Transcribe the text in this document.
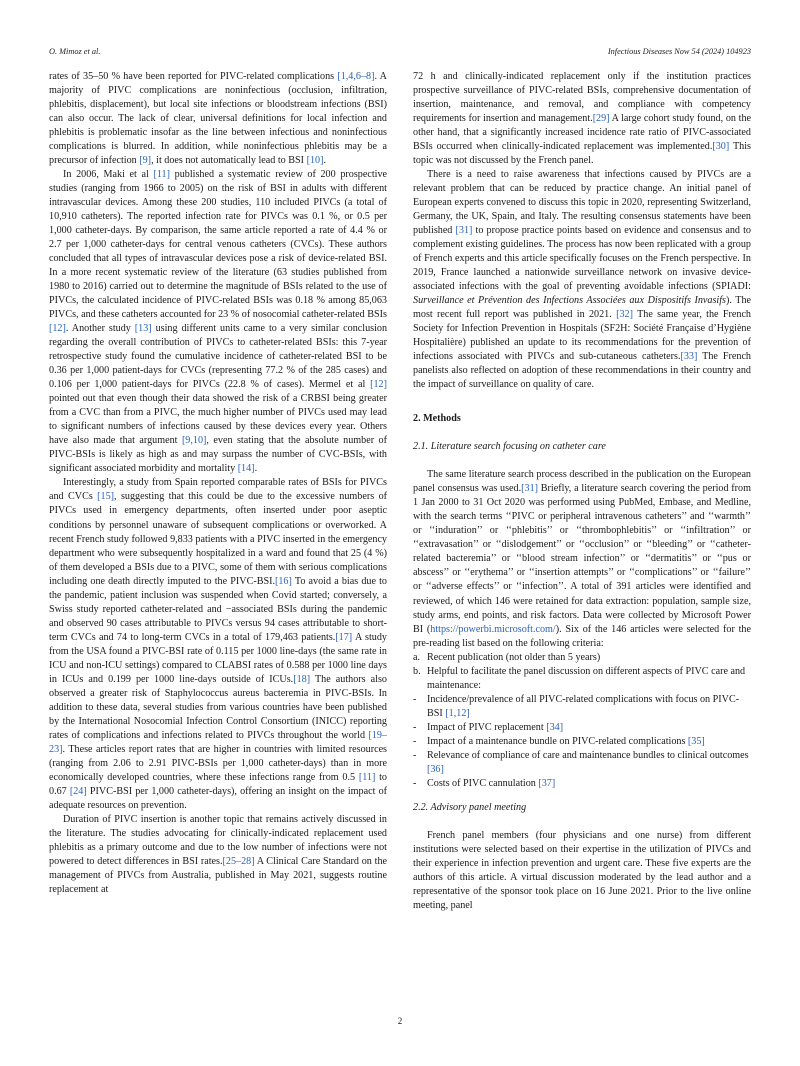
O. Mimoz et al.	Infectious Diseases Now 54 (2024) 104923

rates of 35–50 % have been reported for PIVC-related complications [1,4,6–8]. A majority of PIVC complications are noninfectious (occlusion, infiltration, phlebitis, displacement), but local site infections or bloodstream infections (BSI) can also occur. The lack of clear, universal definitions for local infection and phlebitis is problematic insofar as the line between infectious and noninfectious complications is blurred. In addition, while noninfectious phlebitis may be a precursor of infection [9], it does not automatically lead to BSI [10].

In 2006, Maki et al [11] published a systematic review of 200 prospective studies (ranging from 1966 to 2005) on the risk of BSI in adults with different intravascular devices. Among these 200 studies, 110 included PIVCs (a total of 10,910 catheters). The reported infection rate for PIVCs was 0.1 %, or 0.5 per 1,000 catheter-days. By comparison, the same article reported a rate of 4.4 % or 2.7 per 1,000 catheter-days for central venous catheters (CVCs). These authors concluded that all types of intravascular devices pose a risk of device-related BSI. In a more recent systematic review of the literature (63 studies published from 1980 to 2016) carried out to determine the magnitude of BSIs related to the use of PIVCs, the calculated incidence of PIVC-related BSIs was 0.18 % among 85,063 PIVCs, and these catheters accounted for 23 % of nosocomial catheter-related BSIs [12]. Another study [13] using different units came to a very similar conclusion regarding the overall contribution of PIVCs to catheter-related BSIs: this 7-year retrospective study found the cumulative incidence of catheter-related BSI to be 0.36 per 1,000 patient-days for CVCs (representing 77.2 % of the 285 cases) and 0.106 per 1,000 patient-days for PIVCs (22.8 % of cases). Mermel et al [12] pointed out that even though their data showed the risk of a CRBSI being greater from a CVC than from a PIVC, the much higher number of PIVCs used may lead to significant numbers of infections caused by these devices every year. Others have also made that argument [9,10], even stating that the absolute number of PIVC-BSIs is likely as high as and may surpass the number of CVC-BSIs, with significant associated morbidity and mortality [14].

Interestingly, a study from Spain reported comparable rates of BSIs for PIVCs and CVCs [15], suggesting that this could be due to the excessive numbers of PIVCs used in emergency departments, often inserted under poor aseptic conditions by personnel unaware of subsequent complications or overworked. A recent French study followed 9,833 patients with a PIVC inserted in the emergency department who were subsequently hospitalized in a ward and found that 25 (4 %) of them developed a BSIs due to a PIVC, some of them with serious complications including one death directly imputed to the PIVC-BSI.[16] To avoid a bias due to the pandemic, patient inclusion was suspended when Covid started; conversely, a Swiss study reported catheter-related and −associated BSIs during the pandemic and observed 90 cases attributable to PIVCs versus 94 cases attributable to short-term CVCs and 74 to long-term CVCs in a total of 179,463 patients.[17] A study from the USA found a PIVC-BSI rate of 0.115 per 1000 line-days (the same rate in ICU and non-ICU settings) compared to CLABSI rates of 0.588 per 1000 line days in ICUs and 0.199 per 1000 line-days outside of ICUs.[18] The authors also observed a greater risk of Staphylococcus aureus bacteremia in PIVC-BSIs. In addition to these data, several studies from various countries have been published by the International Nosocomial Infection Control Consortium (INICC) reporting rates of complications and infections related to PIVCs throughout the world [19–23]. These articles report rates that are higher in countries with limited resources (ranging from 2.06 to 2.91 PIVC-BSIs per 1,000 catheter-days) than in more economically developed countries, where these infections range from 0.5 [11] to 0.67 [24] PIVC-BSI per 1,000 catheter-days), offering an insight on the impact of adequate resources on prevention.

Duration of PIVC insertion is another topic that remains actively discussed in the literature. The studies advocating for clinically-indicated replacement used phlebitis as a primary outcome and due to the low number of infections were not powered to detect differences in BSI rates.[25–28] A Clinical Care Standard on the management of PIVCs from Australia, published in May 2021, suggests routine replacement at

72 h and clinically-indicated replacement only if the institution practices prospective surveillance of PIVC-related BSIs, comprehensive documentation of insertion, maintenance, and removal, and compliance with competency requirements for insertion and management.[29] A large cohort study found, on the other hand, that a significantly increased incidence rate ratio of PIVC-associated BSIs occurred when clinically-indicated replacement was implemented.[30] This topic was not discussed by the French panel.

There is a need to raise awareness that infections caused by PIVCs are a relevant problem that can be reduced by practice change. An initial panel of European experts convened to discuss this topic in 2020, representing Switzerland, Germany, the UK, Spain, and Italy. The resulting consensus statements have been published [31] to propose practice points based on evidence and consensus and to complement existing guidelines. The process has now been replicated with a group of French experts and this article specifically focuses on the French perspective. In 2019, France launched a nationwide surveillance network on invasive device-associated infections with the goal of preventing avoidable infections (SPIADI: Surveillance et Prévention des Infections Associées aux Dispositifs Invasifs). The most recent full report was published in 2021. [32] The same year, the French Society for Infection Prevention in Hospitals (SF2H: Société Française d’Hygiène Hospitalière) published an update to its recommendations for the prevention of infections associated with PIVCs and sub-cutaneous catheters.[33] The French panelists also reflected on adoption of these recommendations in their country and the impact of surveillance on quality of care.

2. Methods
2.1. Literature search focusing on catheter care

The same literature search process described in the publication on the European panel consensus was used.[31] Briefly, a literature search covering the period from 1 Jan 2000 to 31 Oct 2020 was performed using PubMed, Embase, and Medline, with the search terms ‘‘PIVC or peripheral intravenous catheters’’ and ‘‘warmth’’ or ‘‘induration’’ or ‘‘phlebitis’’ or ‘‘thrombophlebitis’’ or ‘‘infiltration’’ or ‘‘extravasation’’ or ‘‘dislodgement’’ or ‘‘occlusion’’ or ‘‘bleeding’’ or ‘‘catheter-related bacteremia’’ or ‘‘blood stream infection’’ or ‘‘dermatitis’’ or ‘‘pus or abscess’’ or ‘‘erythema’’ or ‘‘insertion attempts’’ or ‘‘complications’’ or ‘‘failure’’ or ‘‘adverse effects’’ or ‘‘infection’’. A total of 391 articles were identified and reviewed, of which 146 were retained for data extraction: population, sample size, study arms, end points, and risk factors. Data were collected by Microsoft Power BI (https://powerbi.microsoft.com/). Six of the 146 articles were selected for the pre-reading list based on the following criteria:

a. Recent publication (not older than 5 years)
b. Helpful to facilitate the panel discussion on different aspects of PIVC care and maintenance:
- Incidence/prevalence of all PIVC-related complications with focus on PIVC-BSI [1,12]
- Impact of PIVC replacement [34]
- Impact of a maintenance bundle on PIVC-related complications [35]
- Relevance of compliance of care and maintenance bundles to clinical outcomes [36]
- Costs of PIVC cannulation [37]
2.2. Advisory panel meeting

French panel members (four physicians and one nurse) from different institutions were selected based on their expertise in the utilization of PIVCs and their experience in infection prevention and urgent care. These five experts are the authors of this article. A virtual discussion moderated by the lead author and a representative of the sponsor took place on 16 June 2021. Prior to the live online meeting, panel

2
